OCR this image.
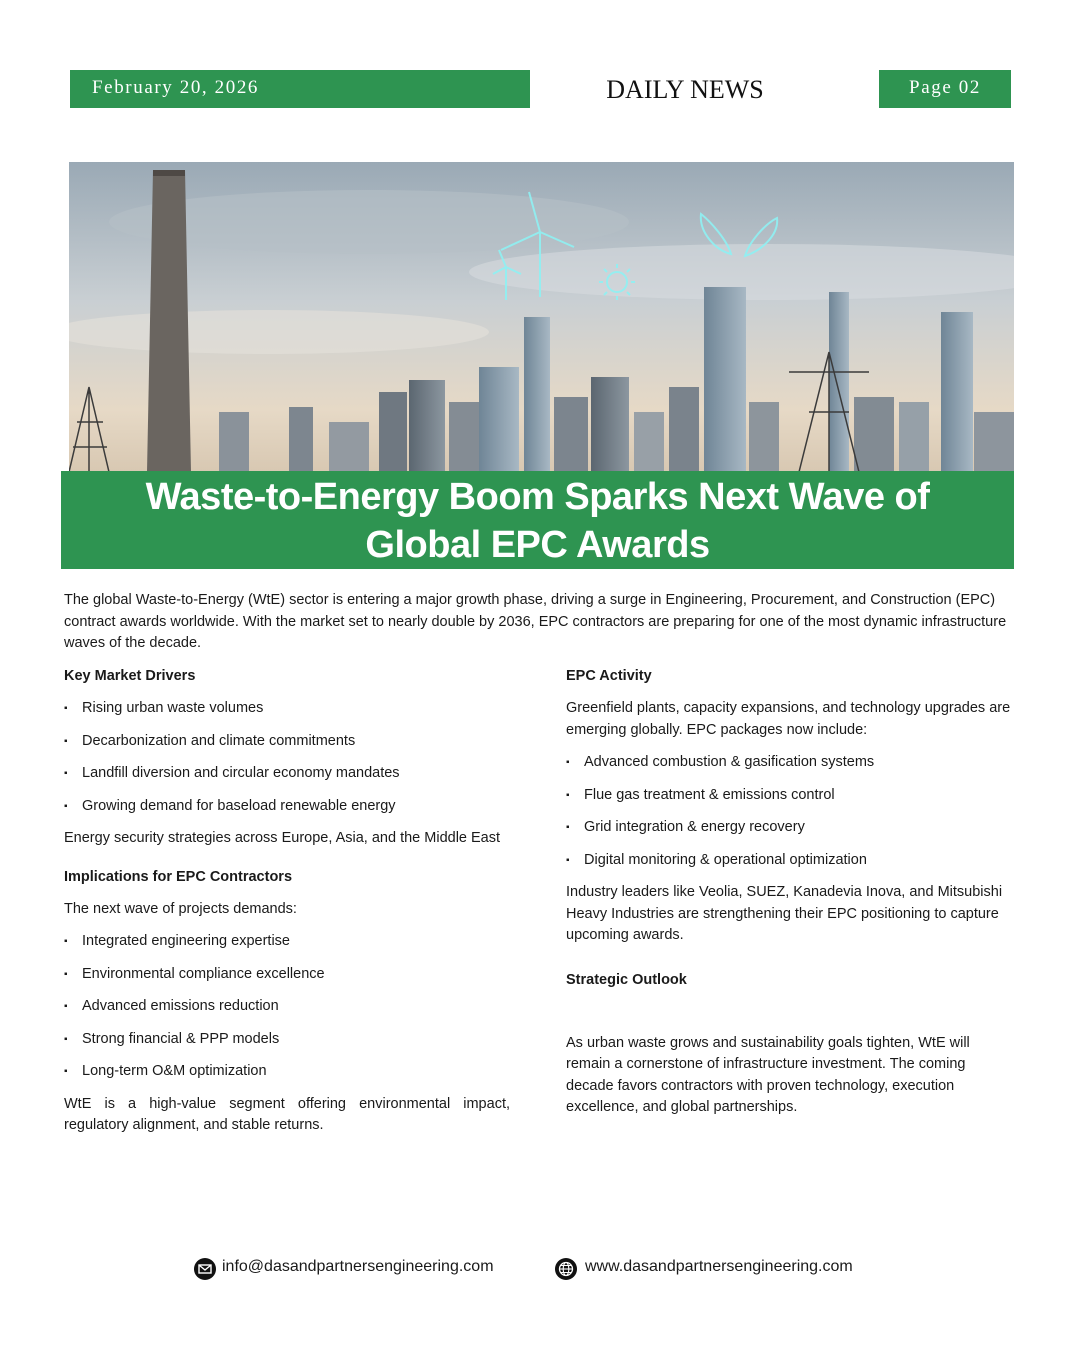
February 20, 2026	DAILY NEWS	Page 02
Waste-to-Energy Boom Sparks Next Wave of
Global EPC Awards

The global Waste-to-Energy (WtE) sector is entering a major growth phase, driving a surge in Engineering, Procurement, and Construction (EPC) contract awards worldwide. With the market set to nearly double by 2036, EPC contractors are preparing for one of the most dynamic infrastructure waves of the decade.

Key Market Drivers
▪ Rising urban waste volumes
▪ Decarbonization and climate commitments
▪ Landfill diversion and circular economy mandates
▪ Growing demand for baseload renewable energy

Energy security strategies across Europe, Asia, and the Middle East

Implications for EPC Contractors

The next wave of projects demands:

▪ Integrated engineering expertise
▪ Environmental compliance excellence
▪ Advanced emissions reduction
▪ Strong financial & PPP models
▪ Long-term O&M optimization

WtE is a high-value segment offering environmental impact, regulatory alignment, and stable returns.

EPC Activity

Greenfield plants, capacity expansions, and technology upgrades are emerging globally. EPC packages now include:

▪ Advanced combustion & gasification systems
▪ Flue gas treatment & emissions control
▪ Grid integration & energy recovery
▪ Digital monitoring & operational optimization

Industry leaders like Veolia, SUEZ, Kanadevia Inova, and Mitsubishi Heavy Industries are strengthening their EPC positioning to capture upcoming awards.

Strategic Outlook

As urban waste grows and sustainability goals tighten, WtE will remain a cornerstone of infrastructure investment. The coming decade favors contractors with proven technology, execution excellence, and global partnerships.

info@dasandpartnersengineering.com	www.dasandpartnersengineering.com
